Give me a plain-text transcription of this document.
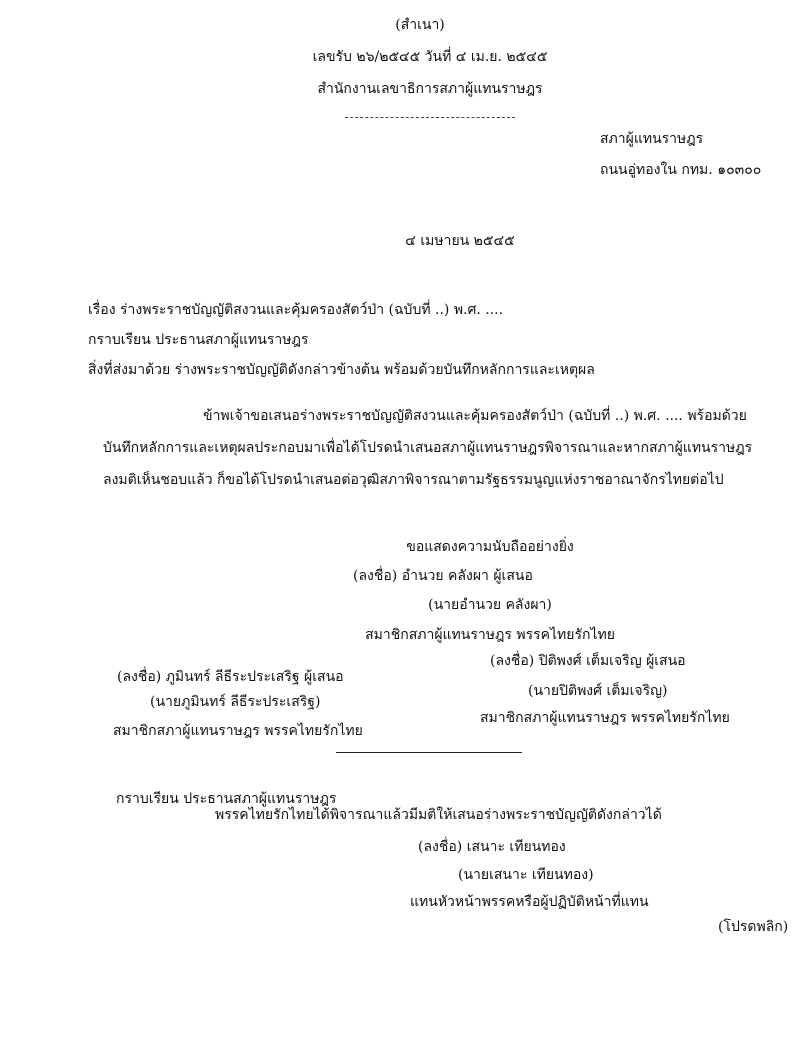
(สำเนา)
เลขรับ ๒๖/๒๕๔๕ วันที่ ๔ เม.ย. ๒๕๔๕
สำนักงานเลขาธิการสภาผู้แทนราษฎร
สภาผู้แทนราษฎร
ถนนอู่ทองใน กทม. ๑๐๓๐๐
๔ เมษายน ๒๕๔๕
เรื่อง ร่างพระราชบัญญัติสงวนและคุ้มครองสัตว์ป่า (ฉบับที่ ..) พ.ศ. ....
กราบเรียน ประธานสภาผู้แทนราษฎร
สิ่งที่ส่งมาด้วย ร่างพระราชบัญญัติดังกล่าวข้างต้น พร้อมด้วยบันทึกหลักการและเหตุผล
ข้าพเจ้าขอเสนอร่างพระราชบัญญัติสงวนและคุ้มครองสัตว์ป่า (ฉบับที่ ..) พ.ศ. .... พร้อมด้วย
บันทึกหลักการและเหตุผลประกอบมาเพื่อได้โปรดนำเสนอสภาผู้แทนราษฎรพิจารณาและหากสภาผู้แทนราษฎร
ลงมติเห็นชอบแล้ว ก็ขอได้โปรดนำเสนอต่อวุฒิสภาพิจารณาตามรัฐธรรมนูญแห่งราชอาณาจักรไทยต่อไป
ขอแสดงความนับถืออย่างยิ่ง
(ลงชื่อ) อำนวย คลังผา ผู้เสนอ
(นายอำนวย คลังผา)
สมาชิกสภาผู้แทนราษฎร พรรคไทยรักไทย
(ลงชื่อ) ปิติพงศ์ เต็มเจริญ ผู้เสนอ
(ลงชื่อ) ภูมินทร์ ลีธีระประเสริฐ ผู้เสนอ
(นายปิติพงศ์ เต็มเจริญ)
(นายภูมินทร์ ลีธีระประเสริฐ)
สมาชิกสภาผู้แทนราษฎร พรรคไทยรักไทย
สมาชิกสภาผู้แทนราษฎร พรรคไทยรักไทย
กราบเรียน ประธานสภาผู้แทนราษฎร
พรรคไทยรักไทยได้พิจารณาแล้วมีมติให้เสนอร่างพระราชบัญญัติดังกล่าวได้
(ลงชื่อ) เสนาะ เทียนทอง
(นายเสนาะ เทียนทอง)
แทนหัวหน้าพรรคหรือผู้ปฏิบัติหน้าที่แทน
(โปรดพลิก)
